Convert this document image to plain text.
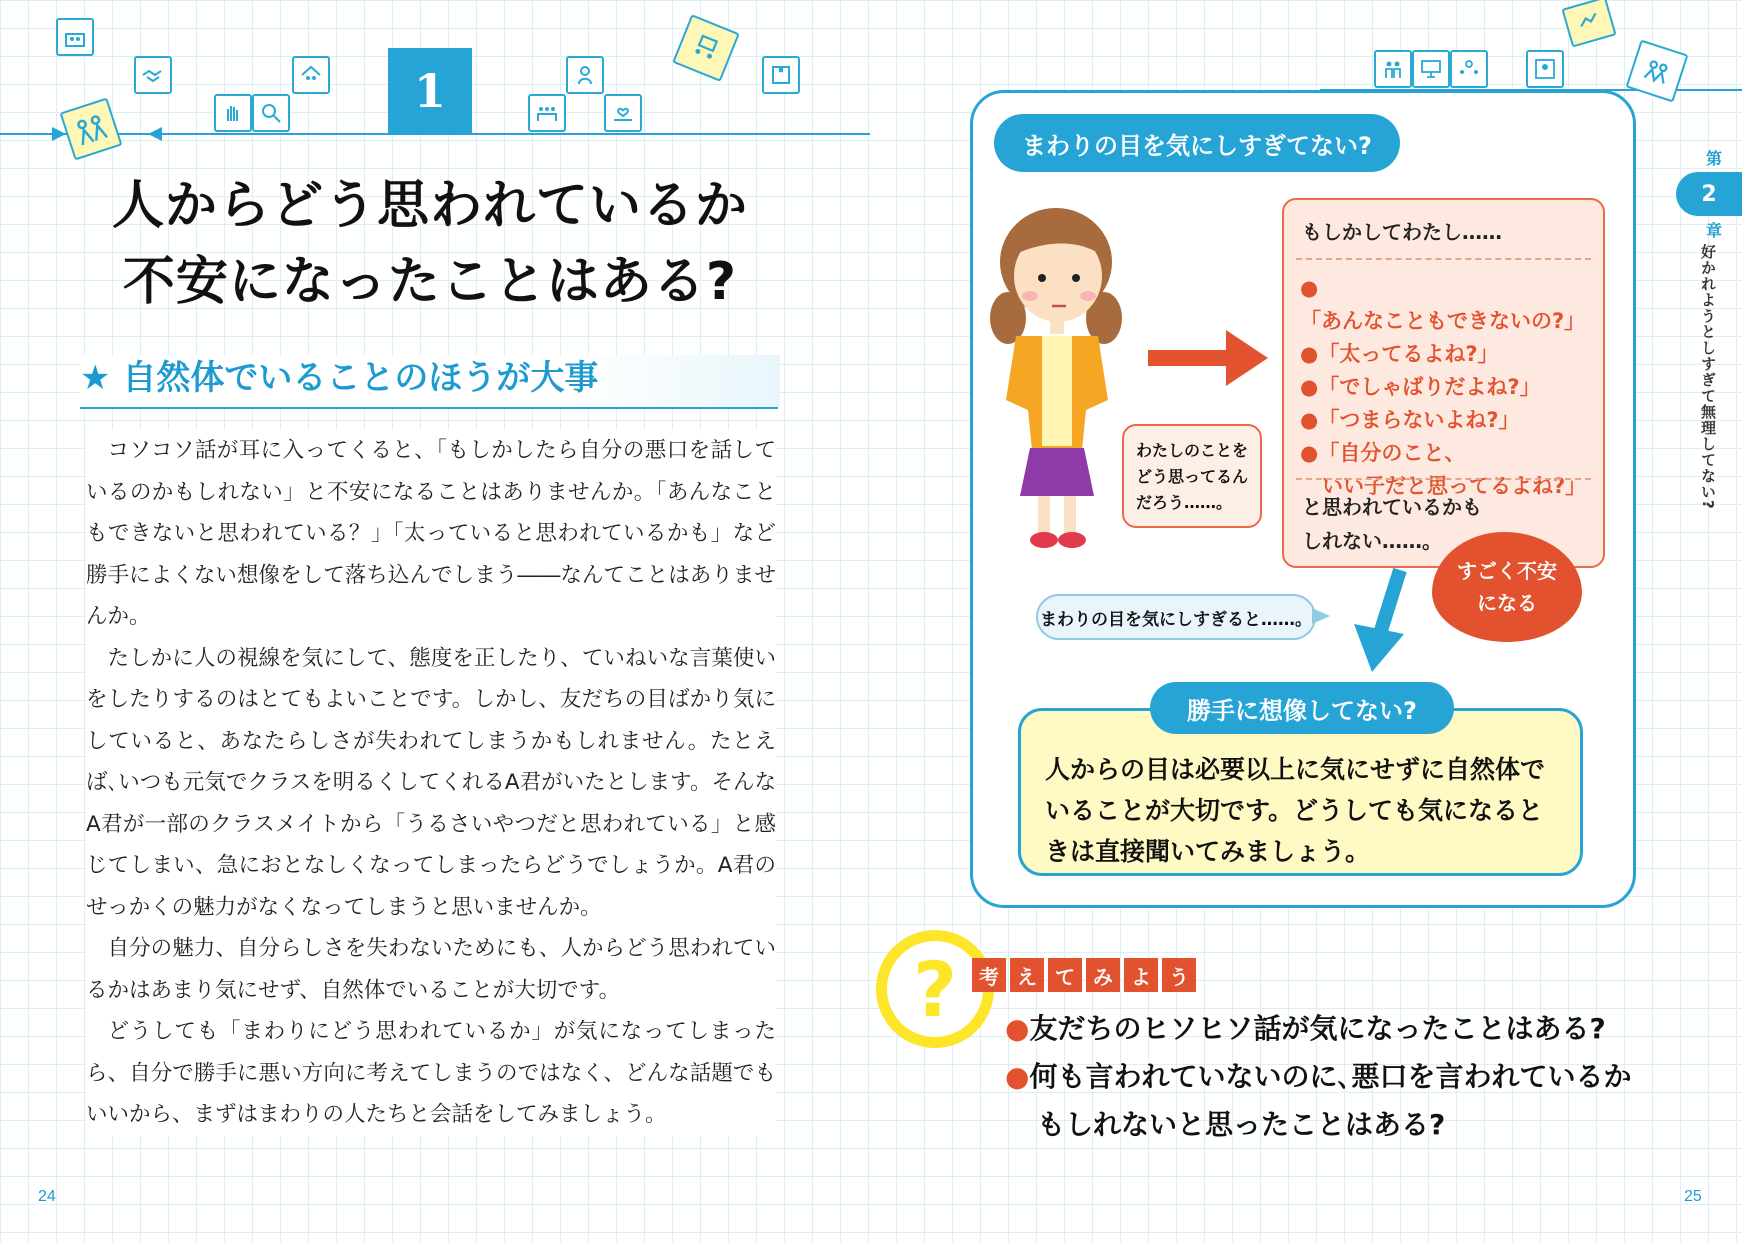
1
人からどう思われているか
不安になったことはある?
★ 自然体でいることのほうが大事

コソコソ話が耳に入ってくると、「もしかしたら自分の悪口を話しているのかもしれない」と不安になることはありませんか。「あんなこともできないと思われている？」「太っていると思われているかも」など勝手によくない想像をして落ち込んでしまう――なんてことはありませんか。

たしかに人の視線を気にして、態度を正したり、ていねいな言葉使いをしたりするのはとてもよいことです。しかし、友だちの目ばかり気にしていると、あなたらしさが失われてしまうかもしれません。たとえば､いつも元気でクラスを明るくしてくれるA君がいたとします。そんなA君が一部のクラスメイトから「うるさいやつだと思われている」と感じてしまい、急におとなしくなってしまったらどうでしょうか。A君のせっかくの魅力がなくなってしまうと思いませんか。

自分の魅力、自分らしさを失わないためにも、人からどう思われているかはあまり気にせず、自然体でいることが大切です。

どうしても「まわりにどう思われているか」が気になってしまったら、自分で勝手に悪い方向に考えてしまうのではなく、どんな話題でもいいから、まずはまわりの人たちと会話をしてみましょう。

24
まわりの目を気にしすぎてない?
わたしのことをどう思ってるんだろう……。
もしかしてわたし……
●「あんなこともできないの?」
●「太ってるよね?」
●「でしゃばりだよね?」
●「つまらないよね?」
●「自分のこと、
いい子だと思ってるよね?」
と思われているかも
しれない……。
すごく不安
になる
まわりの目を気にしすぎると……。
人からの目は必要以上に気にせずに自然体でいることが大切です。どうしても気になるときは直接聞いてみましょう。
勝手に想像してない?
?	考 え て み よ う
●友だちのヒソヒソ話が気になったことはある?
●何も言われていないのに､悪口を言われているかもしれないと思ったことはある?
第
2
章
好かれようとしすぎて無理してない?
25
